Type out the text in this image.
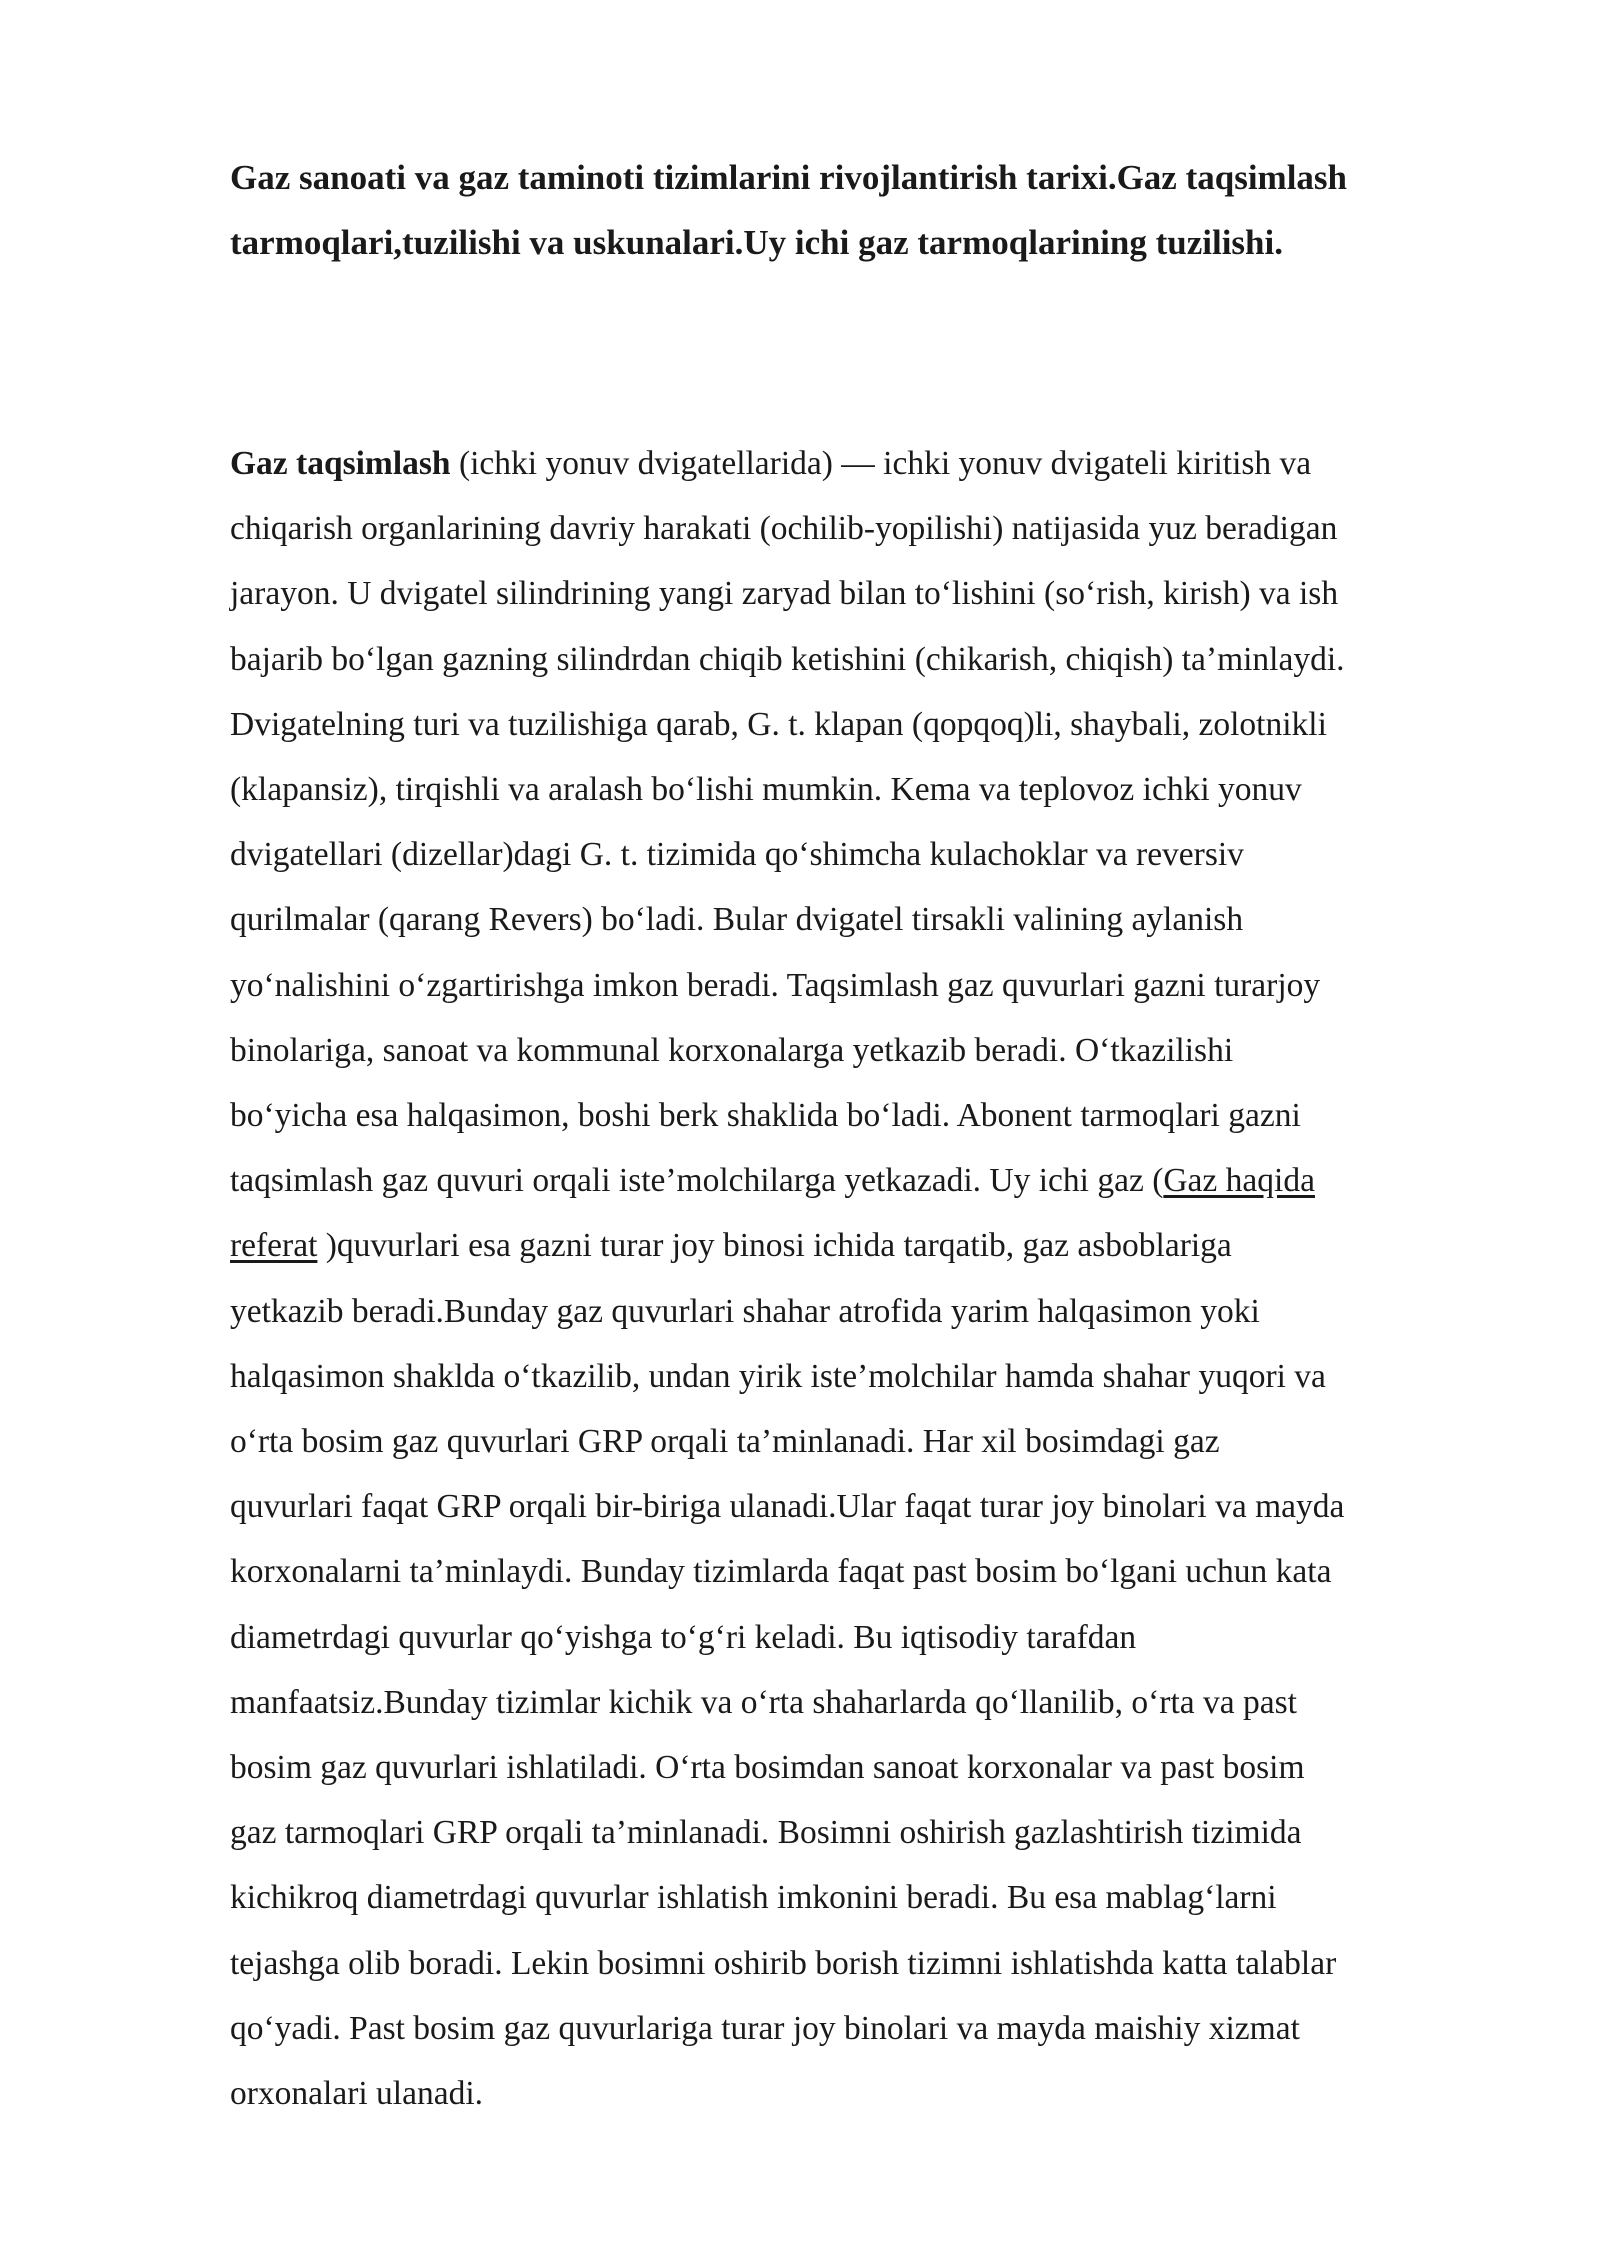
Gaz sanoati va gaz taminoti tizimlarini rivojlantirish tarixi.Gaz taqsimlash
tarmoqlari,tuzilishi va uskunalari.Uy ichi gaz tarmoqlarining tuzilishi.

Gaz taqsimlash (ichki yonuv dvigatellarida) — ichki yonuv dvigateli kiritish va
chiqarish organlarining davriy harakati (ochilib-yopilishi) natijasida yuz beradigan
jarayon. U dvigatel silindrining yangi zaryad bilan toʻlishini (soʻrish, kirish) va ish
bajarib boʻlgan gazning silindrdan chiqib ketishini (chikarish, chiqish) taʼminlaydi.
Dvigatelning turi va tuzilishiga qarab, G. t. klapan (qopqoq)li, shaybali, zolotnikli
(klapansiz), tirqishli va aralash boʻlishi mumkin. Kema va teplovoz ichki yonuv
dvigatellari (dizellar)dagi G. t. tizimida qoʻshimcha kulachoklar va reversiv
qurilmalar (qarang Revers) boʻladi. Bular dvigatel tirsakli valining aylanish
yoʻnalishini oʻzgartirishga imkon beradi. Taqsimlash gaz quvurlari gazni turarjoy
binolariga, sanoat va kommunal korxonalarga yetkazib beradi. O‘tkazilishi
bo‘yicha esa halqasimon, boshi berk shaklida bo‘ladi. Abonent tarmoqlari gazni
taqsimlash gaz quvuri orqali iste’molchilarga yetkazadi. Uy ichi gaz (Gaz haqida
referat )quvurlari esa gazni turar joy binosi ichida tarqatib, gaz asboblariga
yetkazib beradi.Bunday gaz quvurlari shahar atrofida yarim halqasimon yoki
halqasimon shakldа o‘tkazilib, undan yirik iste’molchilar hamda shahar yuqori va
o‘rta bosim gaz quvurlari GRP orqali ta’minlanadi. Har xil bosimdagi gaz
quvurlari faqat GRP orqali bir-biriga ulanadi.Ular faqat turar joy binolari va mayda
korxonalarni ta’minlaydi. Bunday tizimlarda faqat past bosim bo‘lgani uchun kata
diametrdagi quvurlar qo‘yishga to‘g‘ri keladi. Bu iqtisodiy tarafdan
manfaatsiz.Bunday tizimlar kichik va o‘rta shaharlarda qo‘llanilib, o‘rta va past
bosim gaz quvurlari ishlatiladi. O‘rta bosimdan sanoat korxonalar va past bosim
gaz tarmoqlari GRP orqali ta’minlanadi. Bosimni oshirish gazlashtirish tizimida
kichikroq diametrdagi quvurlar ishlatish imkonini beradi. Bu esa mablag‘larni
tejashga olib boradi. Lekin bosimni oshirib borish tizimni ishlatishda katta talablar
qo‘yadi. Past bosim gaz quvurlariga turar joy binolari va mayda maishiy xizmat
orxonalari ulanadi.
